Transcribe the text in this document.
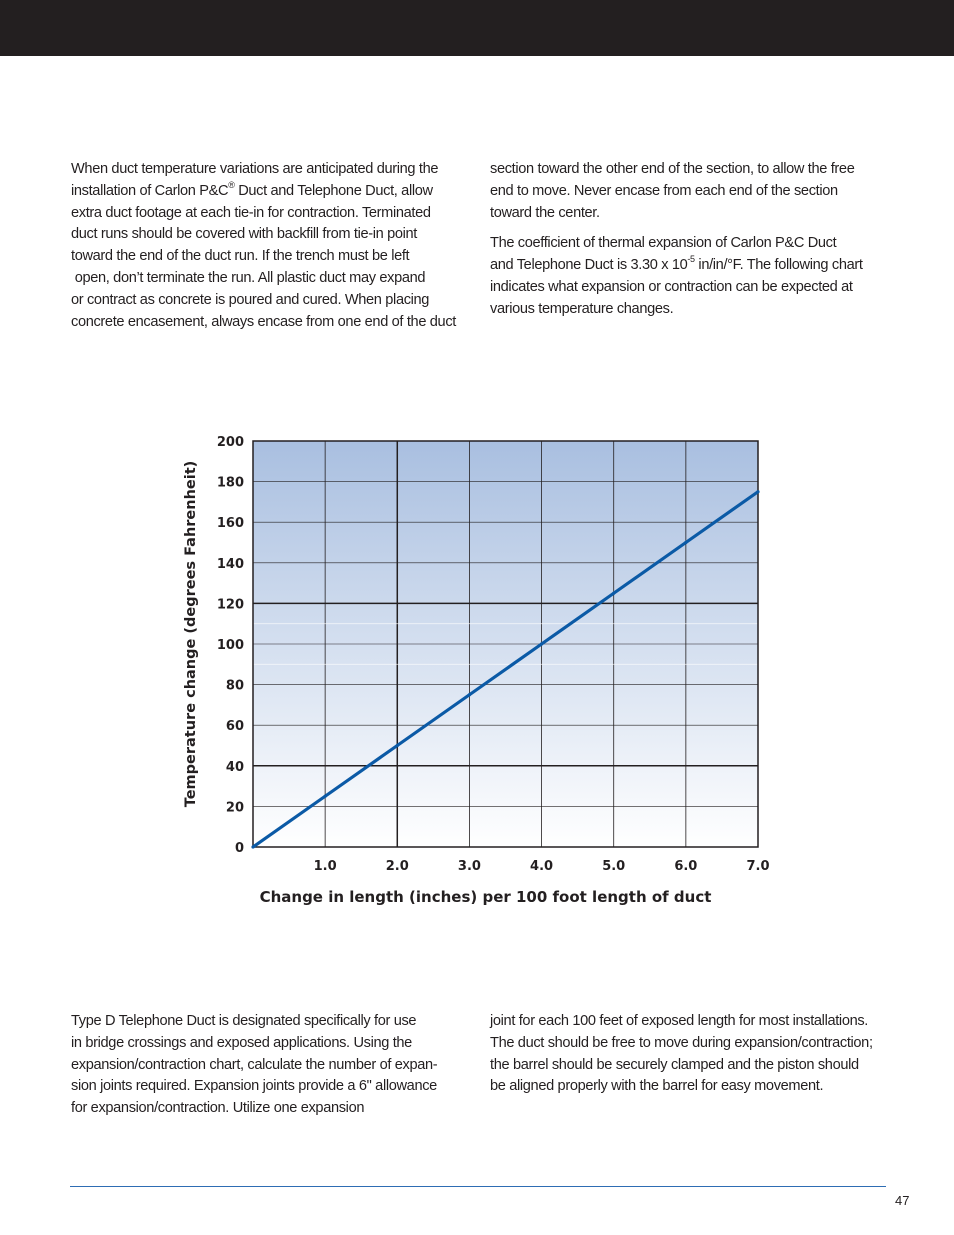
When duct temperature variations are anticipated during the
installation of Carlon P&C® Duct and Telephone Duct, allow
extra duct footage at each tie-in for contraction. Terminated
duct runs should be covered with backfill from tie-in point
toward the end of the duct run. If the trench must be left
open, don’t terminate the run. All plastic duct may expand
or contract as concrete is poured and cured. When placing
concrete encasement, always encase from one end of the duct

section toward the other end of the section, to allow the free
end to move. Never encase from each end of the section
toward the center.

The coefficient of thermal expansion of Carlon P&C Duct
and Telephone Duct is 3.30 x $10^{-5}$ in/in/°F. The following chart
indicates what expansion or contraction can be expected at
various temperature changes.

0
20
40
60
80
100
120
140
160
180
200
1.0	2.0	3.0	4.0	5.0	6.0	7.0
Temperature change (degrees Fahrenheit)
Change in length (inches) per 100 foot length of duct

Type D Telephone Duct is designated specifically for use
in bridge crossings and exposed applications. Using the
expansion/contraction chart, calculate the number of expan-
sion joints required. Expansion joints provide a 6" allowance
for expansion/contraction. Utilize one expansion

joint for each 100 feet of exposed length for most installations.
The duct should be free to move during expansion/contraction;
the barrel should be securely clamped and the piston should
be aligned properly with the barrel for easy movement.

47
